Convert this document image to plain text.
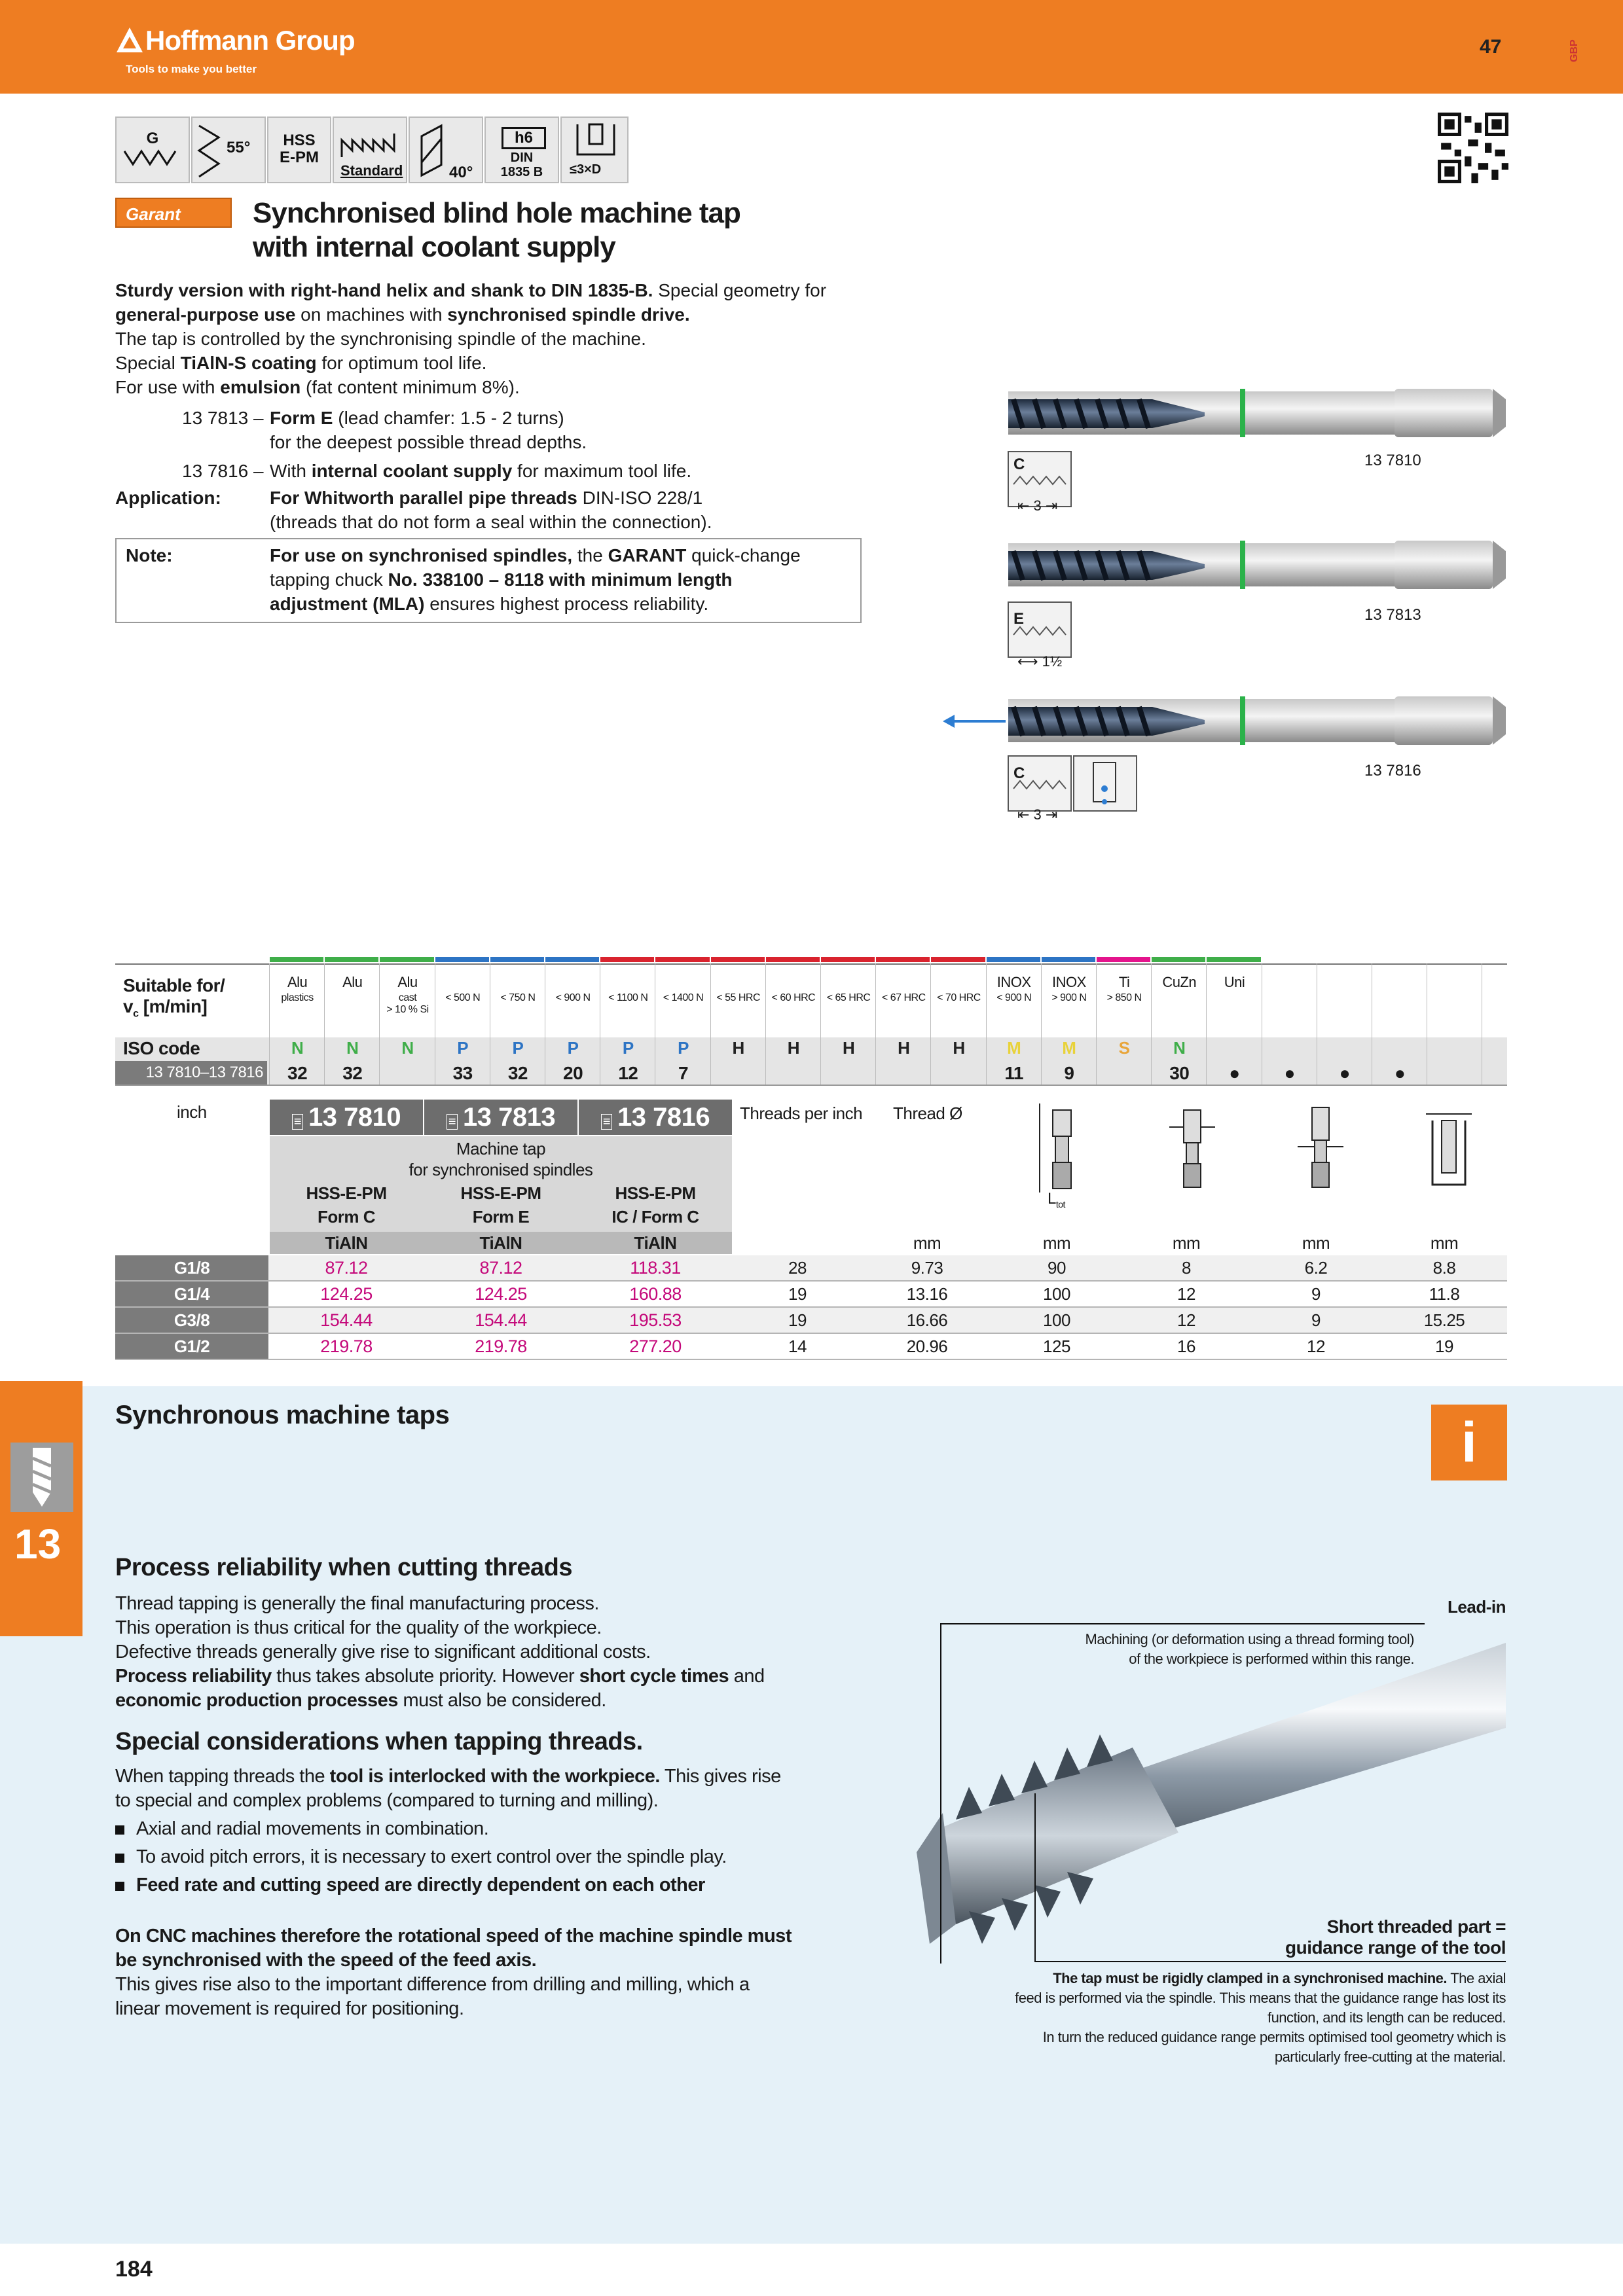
Hoffmann Group
Tools to make you better
47	GBP
G
55°	HSS
E-PM
Standard	40°
h6
DIN
1835 B ≤3×D
Garant	Synchronised blind hole machine tap
with internal coolant supply
Sturdy version with right-hand helix and shank to DIN 1835-B. Special geometry for
general-purpose use on machines with synchronised spindle drive.
The tap is controlled by the synchronising spindle of the machine.
Special TiAlN-S coating for optimum tool life.
For use with emulsion (fat content minimum 8%).
13 7813 – Form E (lead chamfer: 1.5 - 2 turns)
for the deepest possible thread depths.
13 7816 – With internal coolant supply for maximum tool life.
Application:	For Whitworth parallel pipe threads DIN-ISO 228/1
(threads that do not form a seal within the connection).
Note:	For use on synchronised spindles, the GARANT quick-change
tapping chuck No. 338100 – 8118 with minimum length
adjustment (MLA) ensures highest process reliability.
C
⇤ 3 ⇥
13 7810
E
⟷ 1½
13 7813
C
⇤ 3 ⇥
13 7816
Suitable for/
$v_c$ [m/min]
ISO code
13 7810–13 7816
Alu
plastics
N
32
Alu
N
32
Alu
cast
> 10 % Si
N
< 500 N
P
33
< 750 N
P
32
< 900 N
P
20
< 1100 N
P
12
< 1400 N
P
7
< 55 HRC
H
< 60 HRC
H
< 65 HRC
H
< 67 HRC
H
< 70 HRC
H
INOX
< 900 N
M
11
INOX
> 900 N
M
9
Ti
> 850 N
S
CuZn
N
30
Uni
●	●	●	●
inch	≡ 13 7810	≡ 13 7813	≡ 13 7816	Threads per inch Thread Ø
Machine tap
for synchronised spindles
HSS-E-PM	HSS-E-PM	HSS-E-PM
Form C	Form E	IC / Form C
TiAlN	TiAlN	TiAlN
$L_{tot}$
mm	mm	mm	mm	mm
G1/8	87.12	87.12	118.31	28	9.73	90	8	6.2	8.8
G1/4	124.25	124.25	160.88	19	13.16	100	12	9	11.8
G3/8	154.44	154.44	195.53	19	16.66	100	12	9	15.25
G1/2	219.78	219.78	277.20	14	20.96	125	16	12	19
13
Synchronous machine taps	i
Process reliability when cutting threads
Thread tapping is generally the final manufacturing process.
This operation is thus critical for the quality of the workpiece.
Defective threads generally give rise to significant additional costs.
Process reliability thus takes absolute priority. However short cycle times and
economic production processes must also be considered.
Special considerations when tapping threads.
When tapping threads the tool is interlocked with the workpiece. This gives rise
to special and complex problems (compared to turning and milling).
Axial and radial movements in combination.
To avoid pitch errors, it is necessary to exert control over the spindle play.
Feed rate and cutting speed are directly dependent on each other
On CNC machines therefore the rotational speed of the machine spindle must
be synchronised with the speed of the feed axis.
This gives rise also to the important difference from drilling and milling, which a
linear movement is required for positioning.
Lead-in
Machining (or deformation using a thread forming tool)
of the workpiece is performed within this range.
Short threaded part =
guidance range of the tool
The tap must be rigidly clamped in a synchronised machine. The axial
feed is performed via the spindle. This means that the guidance range has lost its
function, and its length can be reduced.
In turn the reduced guidance range permits optimised tool geometry which is
particularly free-cutting at the material.
184
